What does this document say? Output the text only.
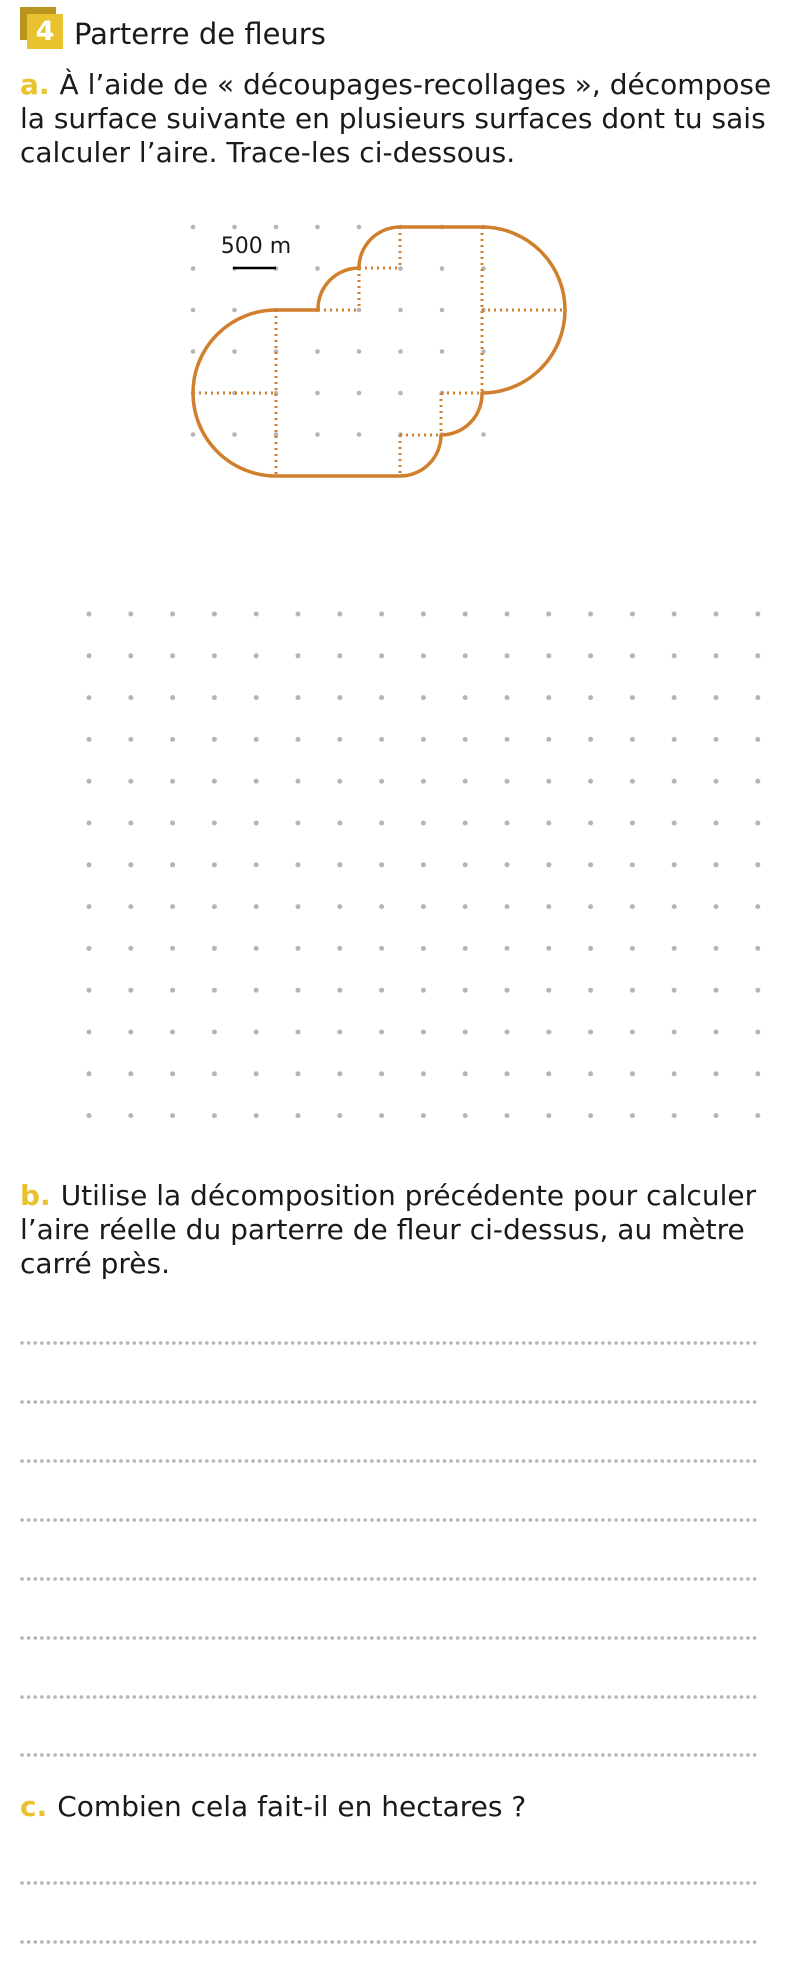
4 Parterre de fleurs
a. À l’aide de « découpages-recollages », décompose la surface suivante en plusieurs surfaces dont tu sais calculer l’aire. Trace-les ci-dessous.
500 m
b. Utilise la décomposition précédente pour calculer l’aire réelle du parterre de fleur ci-dessus, au mètre carré près.
c. Combien cela fait-il en hectares ?
